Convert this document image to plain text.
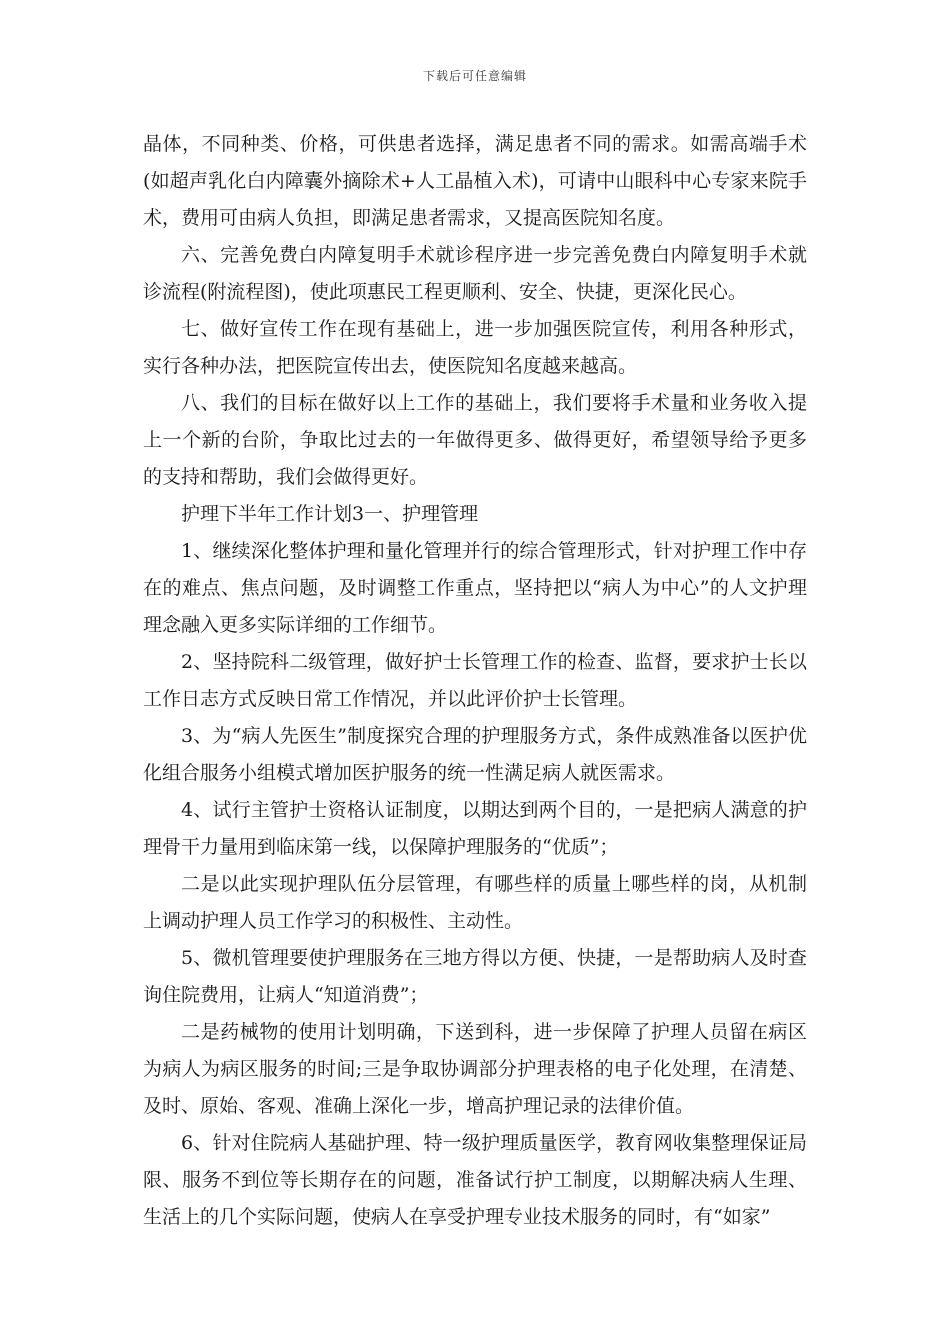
下载后可任意编辑

晶体，不同种类、价格，可供患者选择，满足患者不同的需求。如需高端手术(如超声乳化白内障囊外摘除术+人工晶植入术)，可请中山眼科中心专家来院手术，费用可由病人负担，即满足患者需求，又提高医院知名度。

六、完善免费白内障复明手术就诊程序进一步完善免费白内障复明手术就诊流程(附流程图)，使此项惠民工程更顺利、安全、快捷，更深化民心。

七、做好宣传工作在现有基础上，进一步加强医院宣传，利用各种形式，实行各种办法，把医院宣传出去，使医院知名度越来越高。

八、我们的目标在做好以上工作的基础上，我们要将手术量和业务收入提上一个新的台阶，争取比过去的一年做得更多、做得更好，希望领导给予更多的支持和帮助，我们会做得更好。

护理下半年工作计划3一、护理管理

1、继续深化整体护理和量化管理并行的综合管理形式，针对护理工作中存在的难点、焦点问题，及时调整工作重点，坚持把以“病人为中心”的人文护理理念融入更多实际详细的工作细节。

2、坚持院科二级管理，做好护士长管理工作的检查、监督，要求护士长以工作日志方式反映日常工作情况，并以此评价护士长管理。

3、为“病人先医生”制度探究合理的护理服务方式，条件成熟准备以医护优化组合服务小组模式增加医护服务的统一性满足病人就医需求。

4、试行主管护士资格认证制度，以期达到两个目的，一是把病人满意的护理骨干力量用到临床第一线，以保障护理服务的“优质”；

二是以此实现护理队伍分层管理，有哪些样的质量上哪些样的岗，从机制上调动护理人员工作学习的积极性、主动性。

5、微机管理要使护理服务在三地方得以方便、快捷，一是帮助病人及时查询住院费用，让病人“知道消费”；

二是药械物的使用计划明确，下送到科，进一步保障了护理人员留在病区为病人为病区服务的时间;三是争取协调部分护理表格的电子化处理，在清楚、及时、原始、客观、准确上深化一步，增高护理记录的法律价值。

6、针对住院病人基础护理、特一级护理质量医学，教育网收集整理保证局限、服务不到位等长期存在的问题，准备试行护工制度，以期解决病人生理、生活上的几个实际问题，使病人在享受护理专业技术服务的同时，有“如家”
